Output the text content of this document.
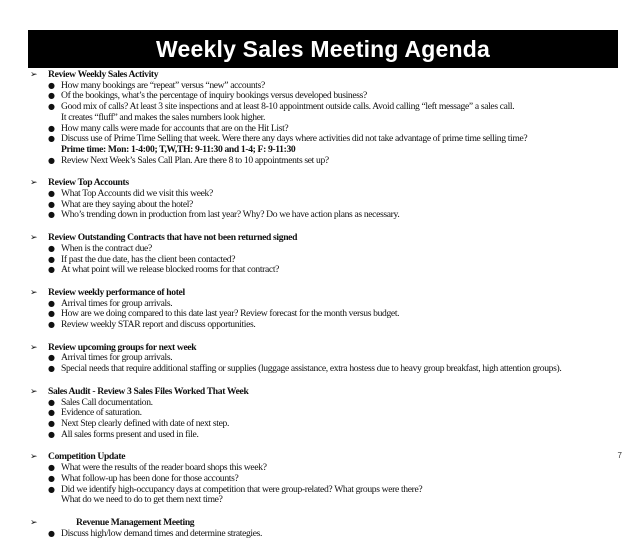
Weekly Sales Meeting Agenda
➢	Review Weekly Sales Activity
● How many bookings are “repeat” versus “new” accounts?
● Of the bookings, what’s the percentage of inquiry bookings versus developed business?
● Good mix of calls? At least 3 site inspections and at least 8-10 appointment outside calls. Avoid calling “left message” a sales call.
It creates “fluff” and makes the sales numbers look higher.
● How many calls were made for accounts that are on the Hit List?
● Discuss use of Prime Time Selling that week. Were there any days where activities did not take advantage of prime time selling time?
Prime time: Mon: 1-4:00; T,W,TH: 9-11:30 and 1-4; F: 9-11:30
● Review Next Week’s Sales Call Plan. Are there 8 to 10 appointments set up?
➢	Review Top Accounts
● What Top Accounts did we visit this week?
● What are they saying about the hotel?
● Who’s trending down in production from last year? Why? Do we have action plans as necessary.
➢	Review Outstanding Contracts that have not been returned signed
● When is the contract due?
● If past the due date, has the client been contacted?
● At what point will we release blocked rooms for that contract?
➢	Review weekly performance of hotel
● Arrival times for group arrivals.
● How are we doing compared to this date last year? Review forecast for the month versus budget.
● Review weekly STAR report and discuss opportunities.
➢	Review upcoming groups for next week
● Arrival times for group arrivals.
● Special needs that require additional staffing or supplies (luggage assistance, extra hostess due to heavy group breakfast, high attention groups).
➢	Sales Audit - Review 3 Sales Files Worked That Week
● Sales Call documentation.
● Evidence of saturation.
● Next Step clearly defined with date of next step.
● All sales forms present and used in file.
➢	Competition Update
● What were the results of the reader board shops this week?
● What follow-up has been done for those accounts?
● Did we identify high-occupancy days at competition that were group-related? What groups were there?
What do we need to do to get them next time?
➢	Revenue Management Meeting
● Discuss high/low demand times and determine strategies.
7
